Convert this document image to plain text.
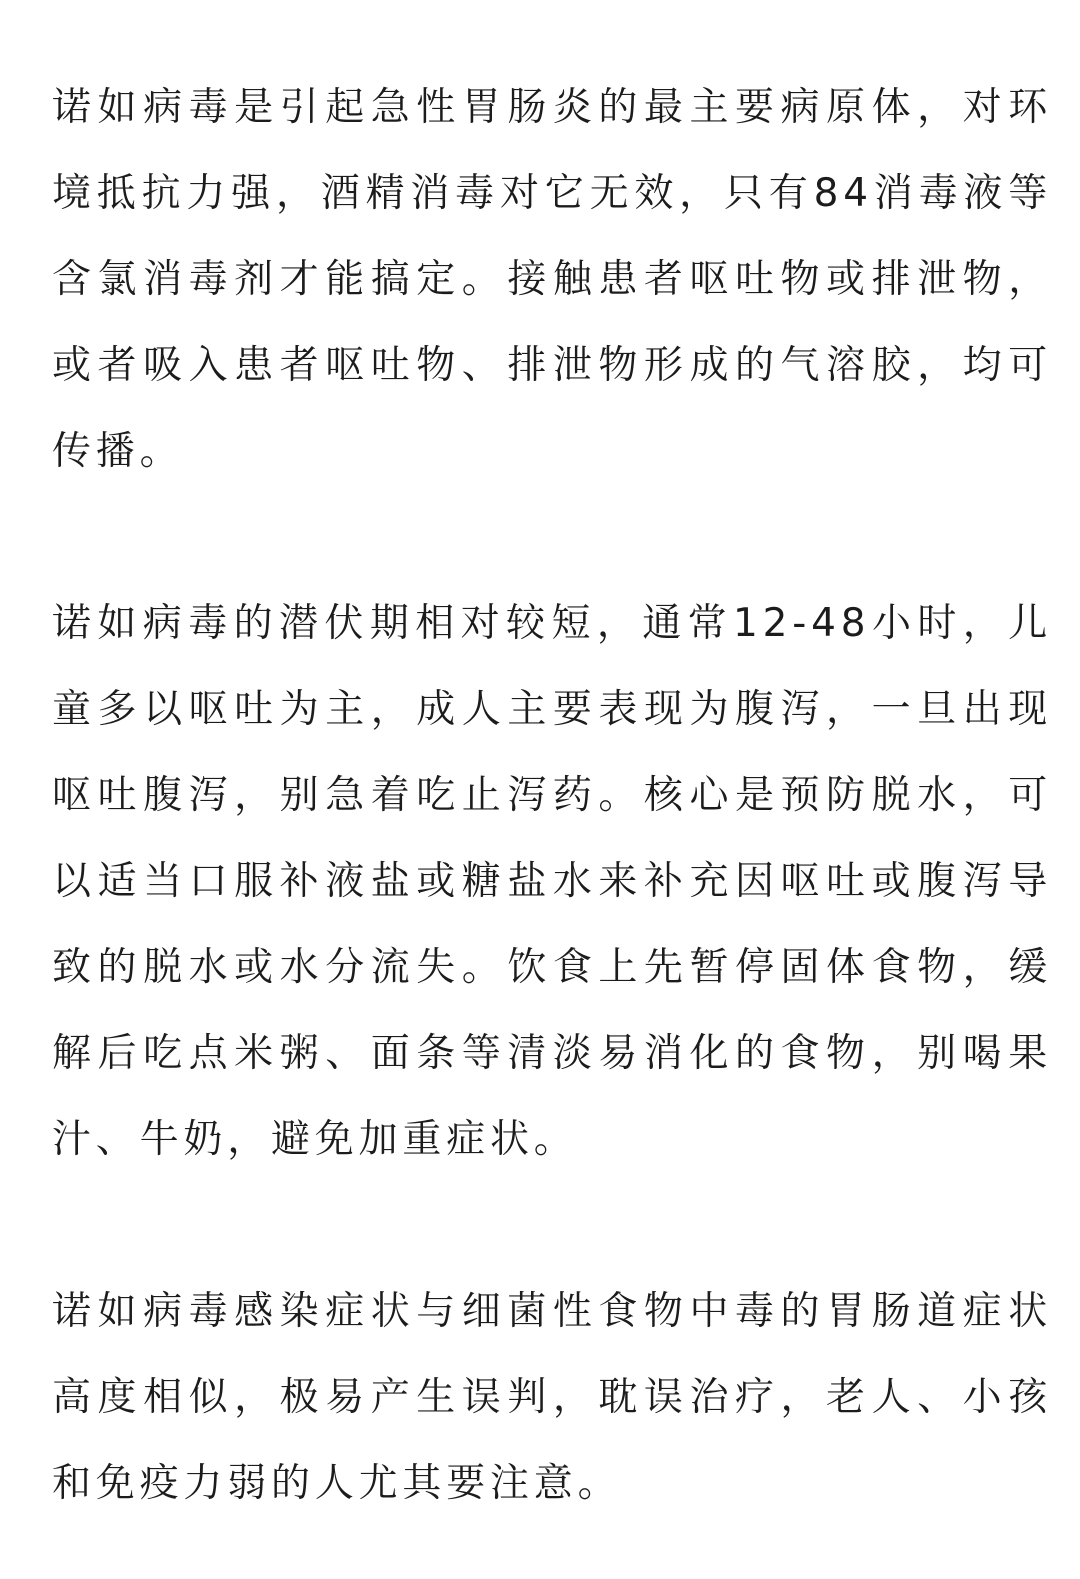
诺如病毒是引起急性胃肠炎的最主要病原体，对环境抵抗力强，酒精消毒对它无效，只有84消毒液等含氯消毒剂才能搞定。接触患者呕吐物或排泄物，或者吸入患者呕吐物、排泄物形成的气溶胶，均可传播。

诺如病毒的潜伏期相对较短，通常12-48小时，儿童多以呕吐为主，成人主要表现为腹泻，一旦出现呕吐腹泻，别急着吃止泻药。核心是预防脱水，可以适当口服补液盐或糖盐水来补充因呕吐或腹泻导致的脱水或水分流失。饮食上先暂停固体食物，缓解后吃点米粥、面条等清淡易消化的食物，别喝果汁、牛奶，避免加重症状。

诺如病毒感染症状与细菌性食物中毒的胃肠道症状高度相似，极易产生误判，耽误治疗，老人、小孩和免疫力弱的人尤其要注意。
